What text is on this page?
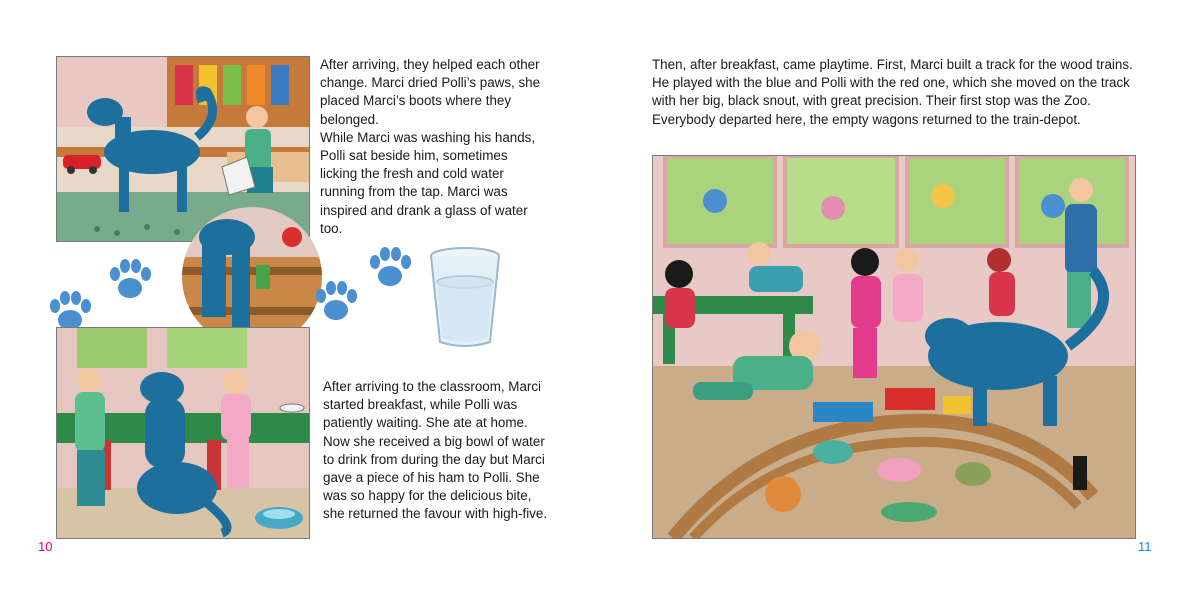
After arriving, they helped each other change. Marci dried Polli’s paws, she placed Marci’s boots where they belonged.

While Marci was washing his hands, Polli sat beside him, sometimes licking the fresh and cold water running from the tap. Marci was inspired and drank a glass of water too.

After arriving to the classroom, Marci started breakfast, while Polli was patiently waiting. She ate at home. Now she received a big bowl of water to drink from during the day but Marci gave a piece of his ham to Polli. She was so happy for the delicious bite, she returned the favour with high-five.

10

Then, after breakfast, came playtime. First, Marci built a track for the wood trains. He played with the blue and Polli with the red one, which she moved on the track with her big, black snout, with great precision. Their first stop was the Zoo. Everybody departed here, the empty wagons returned to the train-depot.

11
